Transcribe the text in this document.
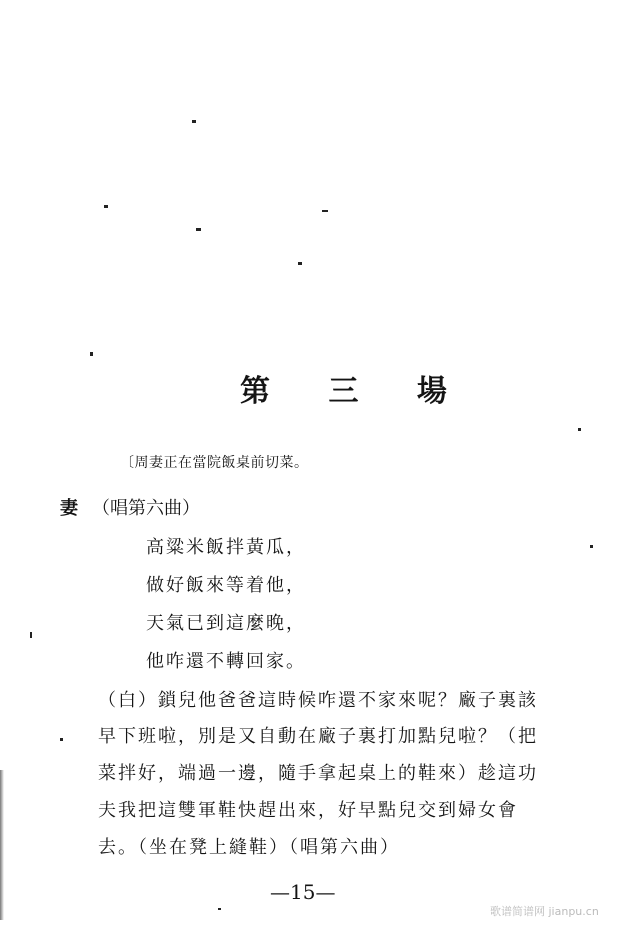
第 三 場
〔周妻正在當院飯桌前切菜。
妻 （唱第六曲）
高粱米飯拌黃瓜，
做好飯來等着他，
天氣已到這麼晚，
他咋還不轉回家。
（白）鎖兒他爸爸這時候咋還不家來呢？廠子裏該
早下班啦，別是又自動在廠子裏打加點兒啦？（把
菜拌好，端過一邊，隨手拿起桌上的鞋來）趁這功
夫我把這雙軍鞋快趕出來，好早點兒交到婦女會
去。（坐在凳上縫鞋）（唱第六曲）
—15—
歌谱简谱网 jianpu.cn
